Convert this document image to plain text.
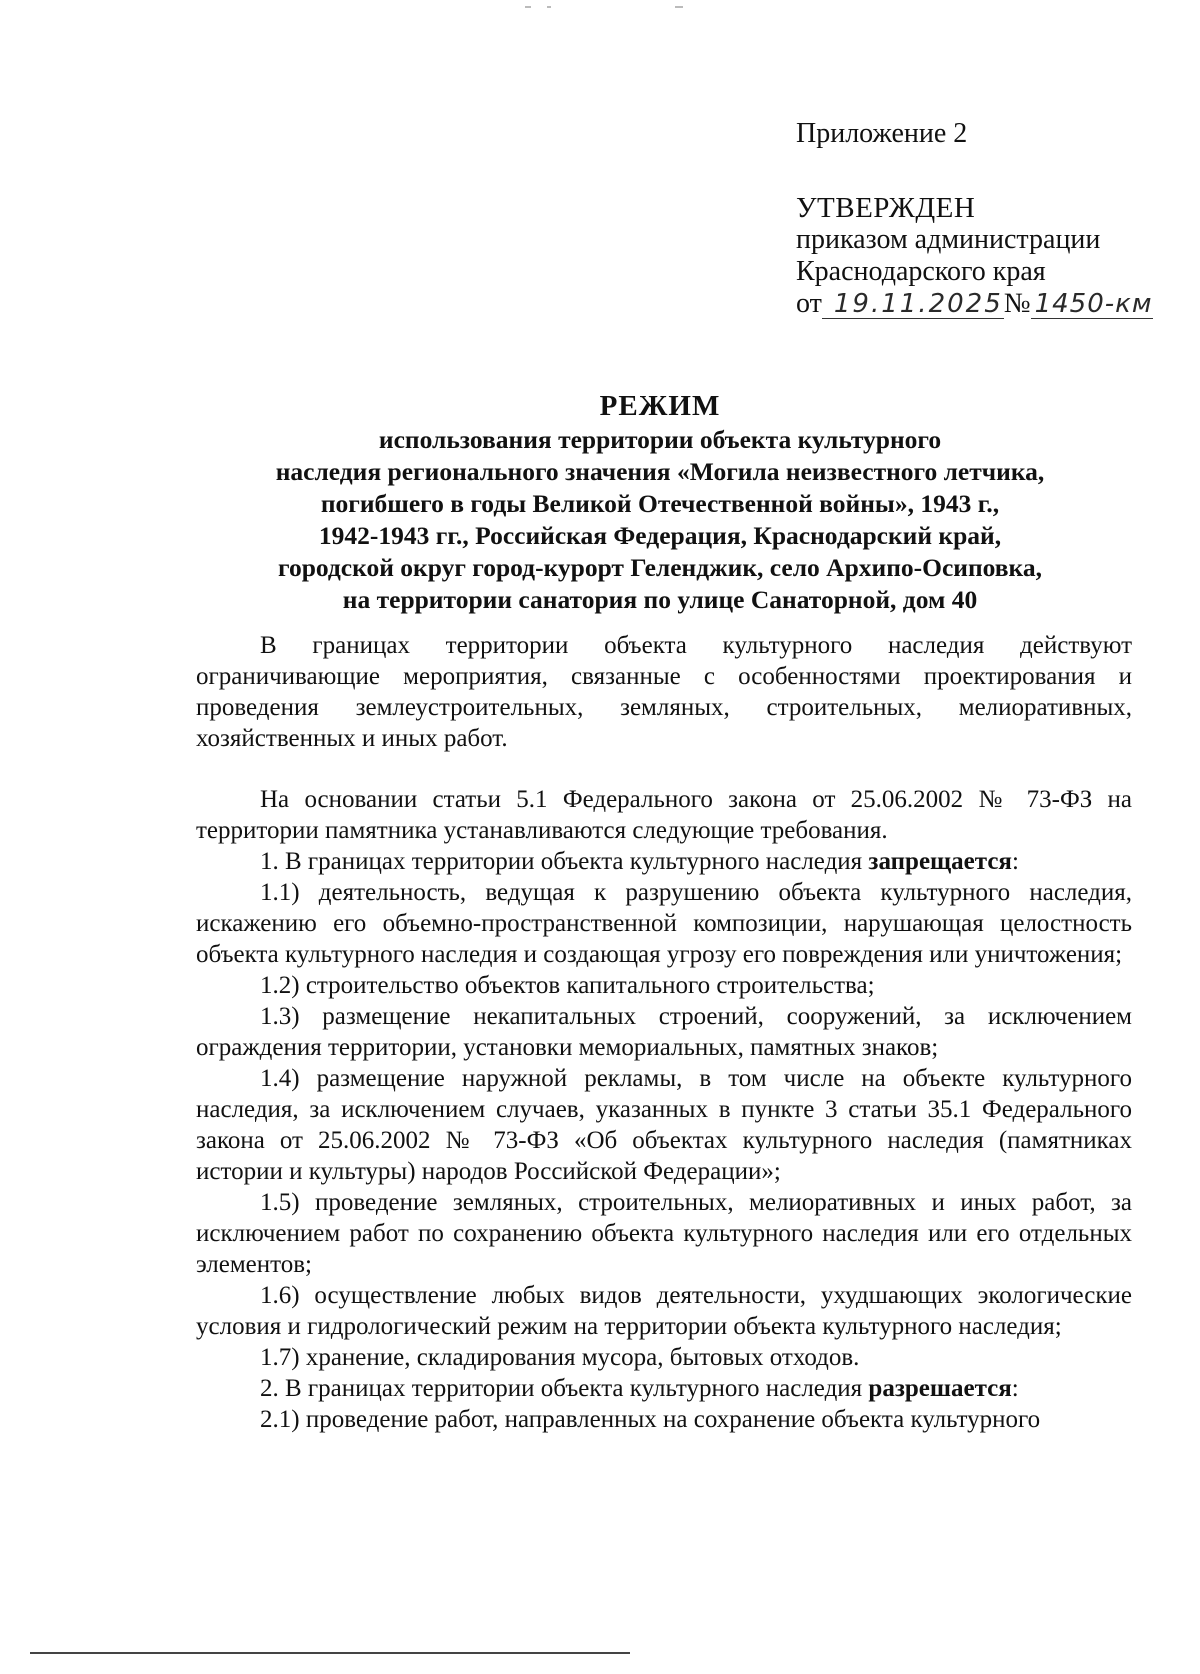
Приложение 2
УТВЕРЖДЕН
приказом администрации
Краснодарского края
от 19.11.2025№ 1450-км
РЕЖИМ
использования территории объекта культурного
наследия регионального значения «Могила неизвестного летчика,
погибшего в годы Великой Отечественной войны», 1943 г.,
1942-1943 гг., Российская Федерация, Краснодарский край,
городской округ город-курорт Геленджик, село Архипо-Осиповка,
на территории санатория по улице Санаторной, дом 40

В границах территории объекта культурного наследия действуют ограничивающие мероприятия, связанные с особенностями проектирования и проведения землеустроительных, земляных, строительных, мелиоративных, хозяйственных и иных работ.

На основании статьи 5.1 Федерального закона от 25.06.2002 № 73-ФЗ на территории памятника устанавливаются следующие требования.

1. В границах территории объекта культурного наследия запрещается:

1.1) деятельность, ведущая к разрушению объекта культурного наследия, искажению его объемно-пространственной композиции, нарушающая целостность объекта культурного наследия и создающая угрозу его повреждения или уничтожения;

1.2) строительство объектов капитального строительства;

1.3) размещение некапитальных строений, сооружений, за исключением ограждения территории, установки мемориальных, памятных знаков;

1.4) размещение наружной рекламы, в том числе на объекте культурного наследия, за исключением случаев, указанных в пункте 3 статьи 35.1 Федерального закона от 25.06.2002 № 73-ФЗ «Об объектах культурного наследия (памятниках истории и культуры) народов Российской Федерации»;

1.5) проведение земляных, строительных, мелиоративных и иных работ, за исключением работ по сохранению объекта культурного наследия или его отдельных элементов;

1.6) осуществление любых видов деятельности, ухудшающих экологические условия и гидрологический режим на территории объекта культурного наследия;

1.7) хранение, складирования мусора, бытовых отходов.

2. В границах территории объекта культурного наследия разрешается:

2.1) проведение работ, направленных на сохранение объекта культурного
